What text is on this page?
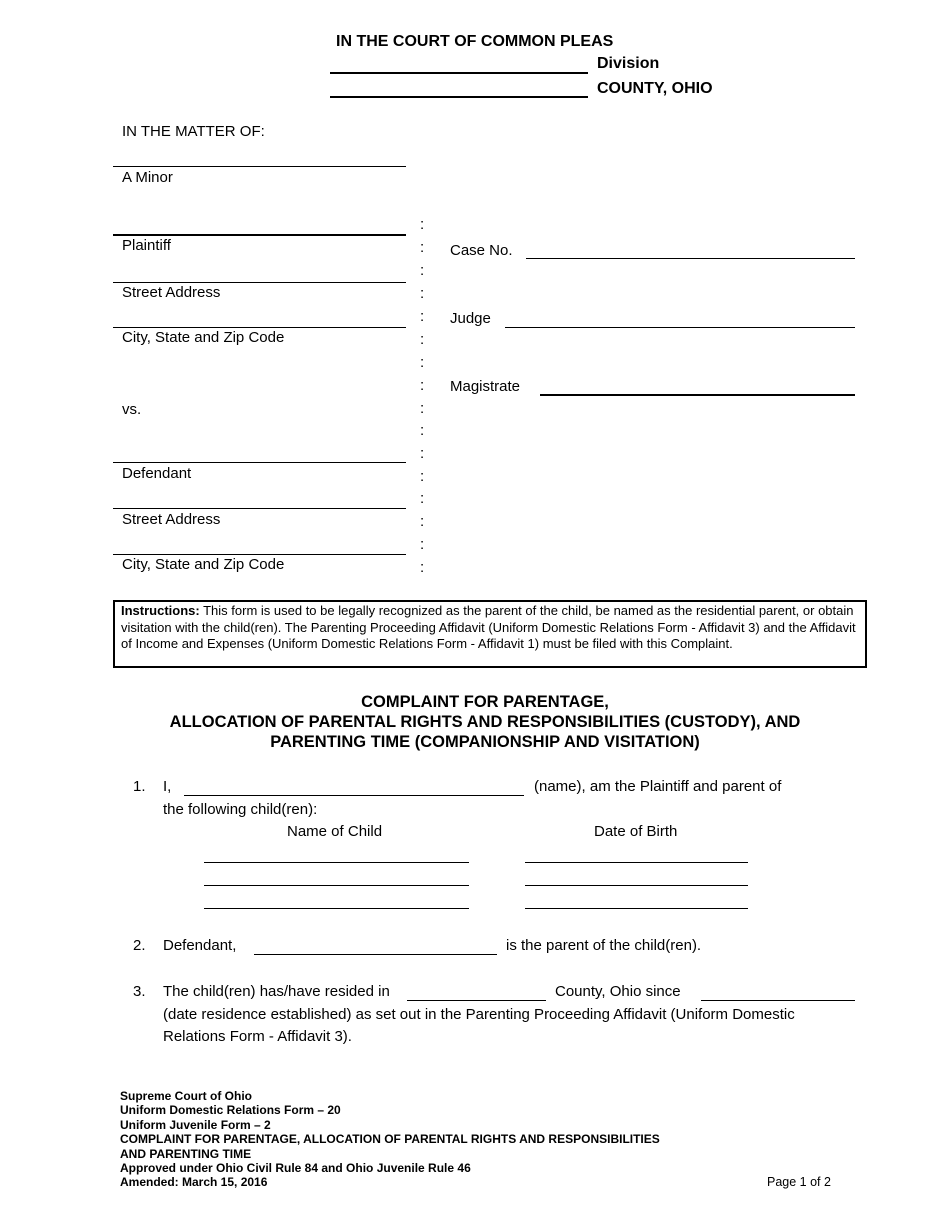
IN THE COURT OF COMMON PLEAS
Division
COUNTY, OHIO
IN THE MATTER OF:
A Minor
Plaintiff
Street Address
City, State and Zip Code
vs.
Defendant
Street Address
City, State and Zip Code
:
:
:
:
:
:
:
:
:
:
:
:
:
:
:
:
Case No.
Judge
Magistrate
Instructions: This form is used to be legally recognized as the parent of the child, be named as the residential parent, or obtain visitation with the child(ren). The Parenting Proceeding Affidavit (Uniform Domestic Relations Form - Affidavit 3) and the Affidavit of Income and Expenses (Uniform Domestic Relations Form - Affidavit 1) must be filed with this Complaint.
COMPLAINT FOR PARENTAGE,
ALLOCATION OF PARENTAL RIGHTS AND RESPONSIBILITIES (CUSTODY), AND
PARENTING TIME (COMPANIONSHIP AND VISITATION)
1. I,	(name), am the Plaintiff and parent of
the following child(ren):
Name of Child	Date of Birth
2. Defendant,	is the parent of the child(ren).
3. The child(ren) has/have resided in	County, Ohio since
(date residence established) as set out in the Parenting Proceeding Affidavit (Uniform Domestic
Relations Form - Affidavit 3).
Supreme Court of Ohio
Uniform Domestic Relations Form – 20
Uniform Juvenile Form – 2
COMPLAINT FOR PARENTAGE, ALLOCATION OF PARENTAL RIGHTS AND RESPONSIBILITIES
AND PARENTING TIME
Approved under Ohio Civil Rule 84 and Ohio Juvenile Rule 46
Amended: March 15, 2016	Page 1 of 2
